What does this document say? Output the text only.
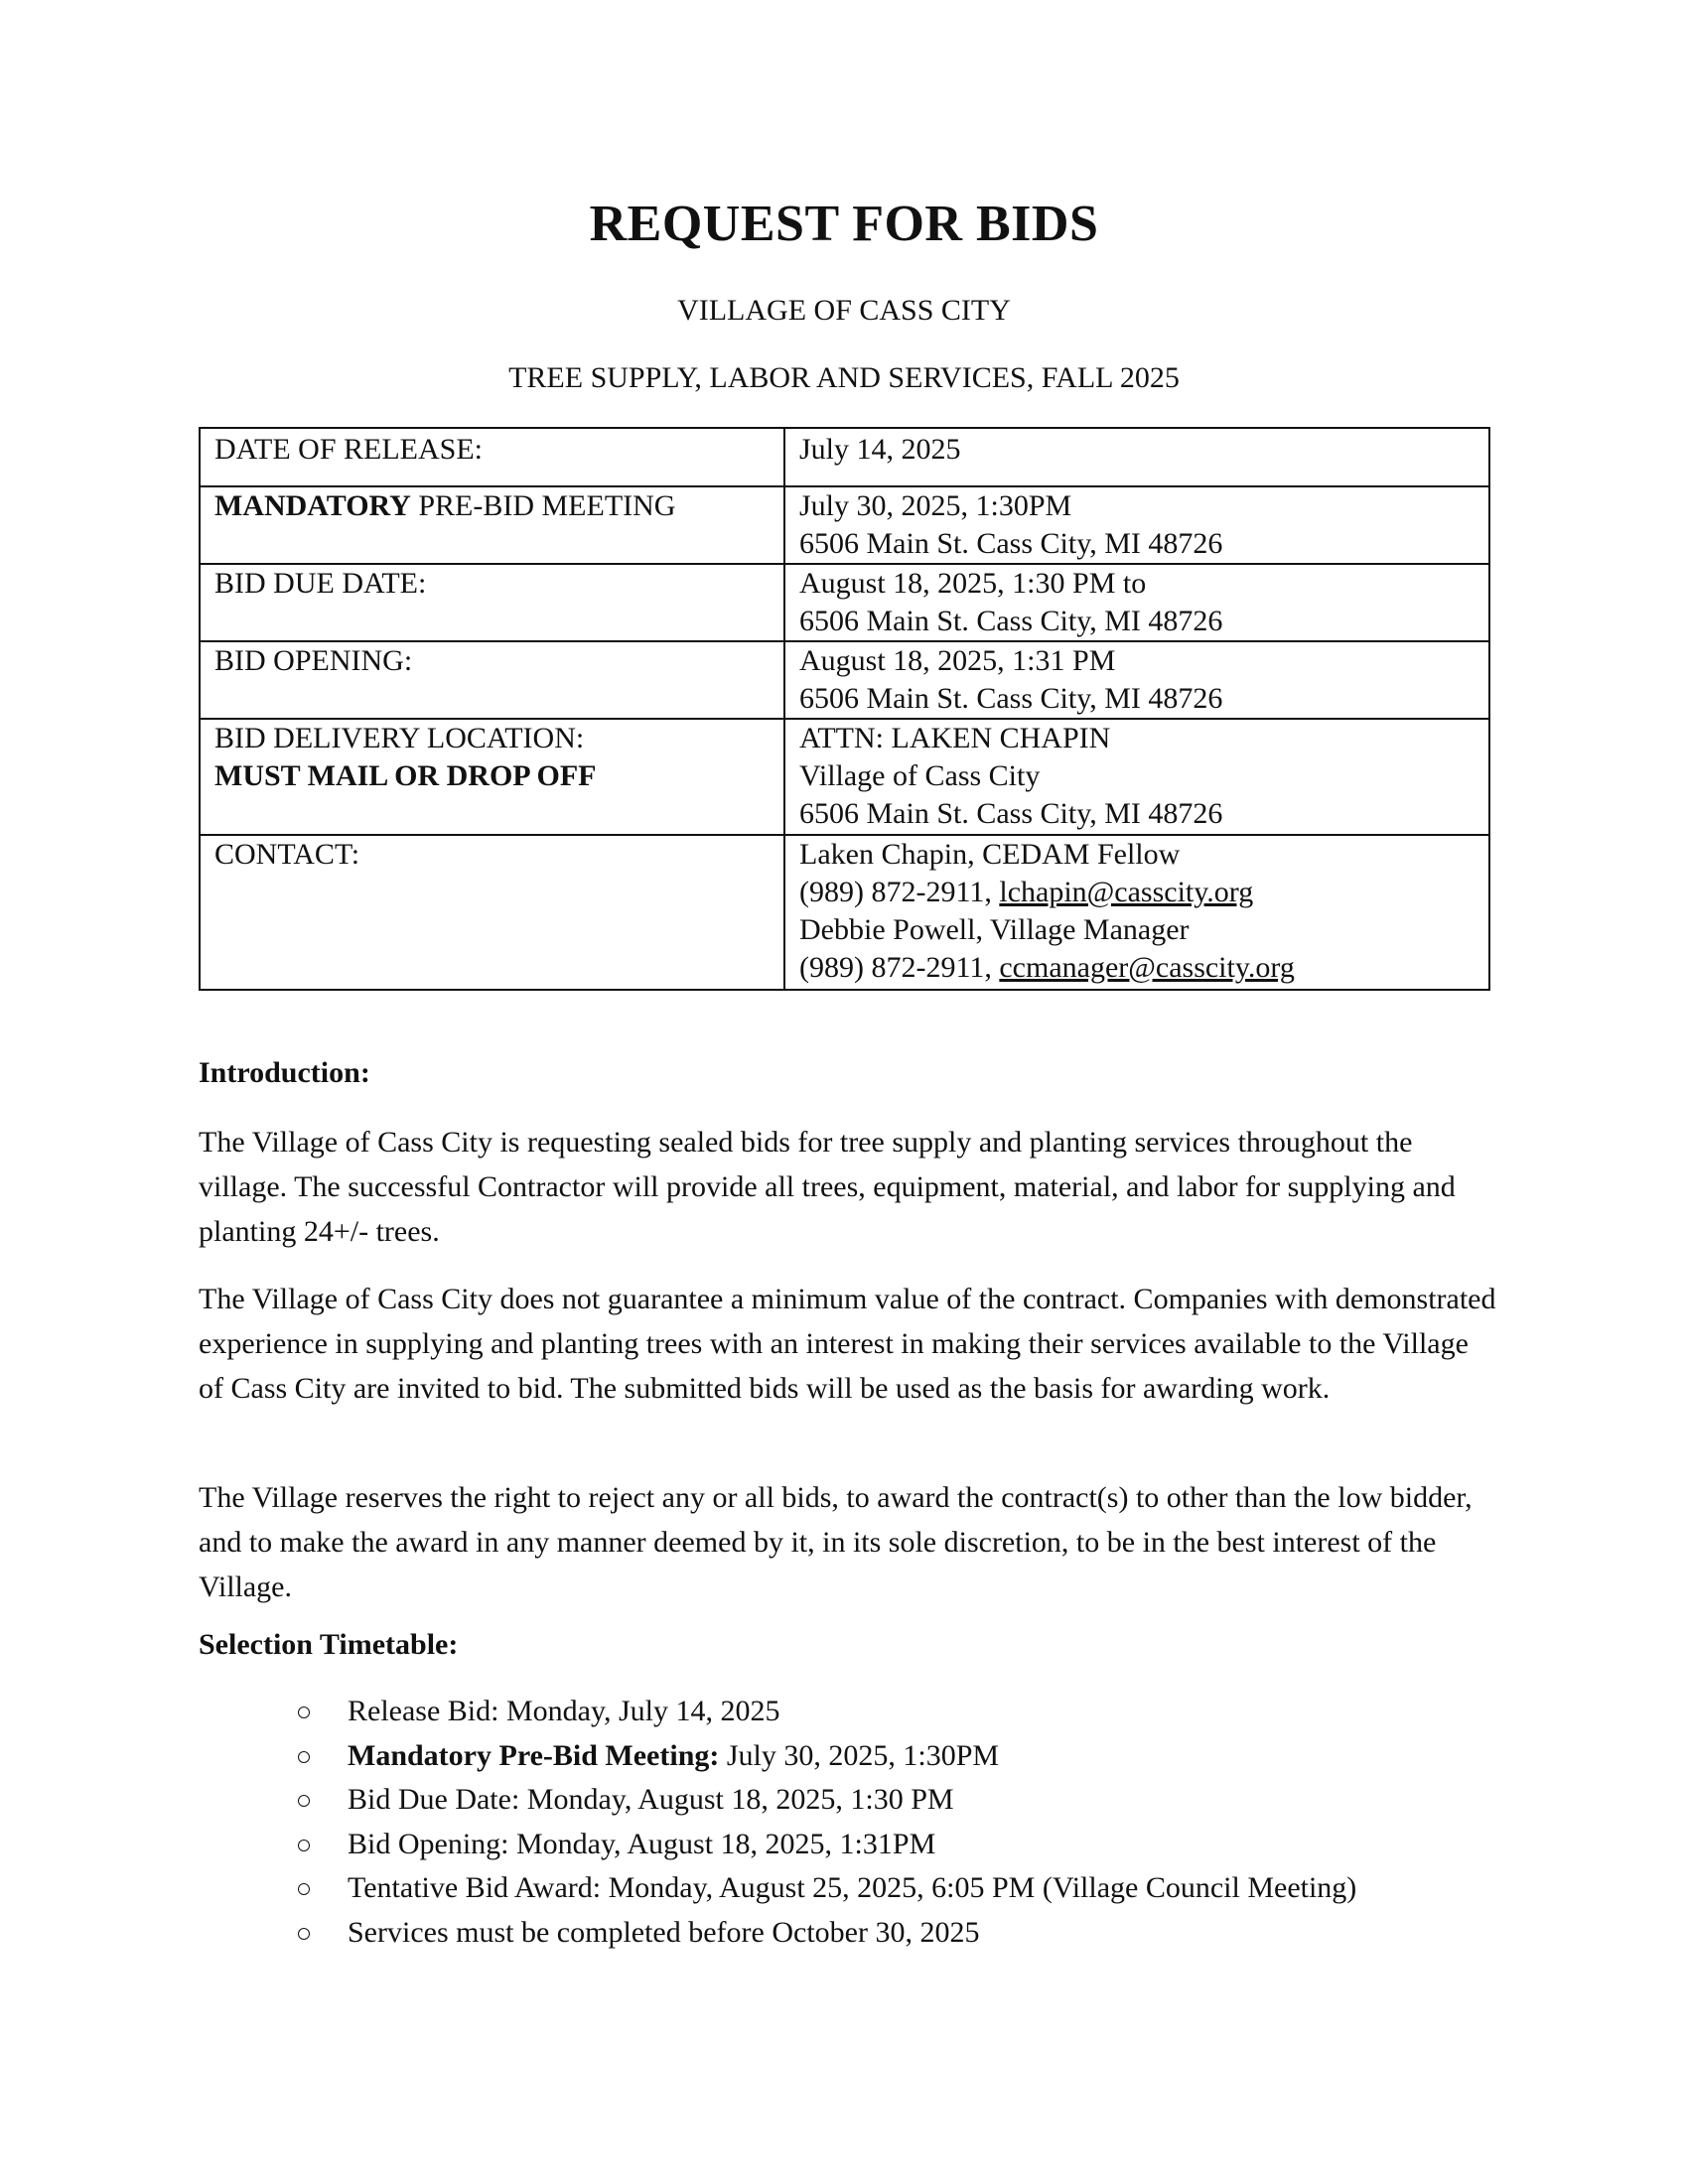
REQUEST FOR BIDS
VILLAGE OF CASS CITY
TREE SUPPLY, LABOR AND SERVICES, FALL 2025
DATE OF RELEASE:	July 14, 2025

MANDATORY PRE-BID MEETING	July 30, 2025, 1:30PM
6506 Main St. Cass City, MI 48726

BID DUE DATE:	August 18, 2025, 1:30 PM to
6506 Main St. Cass City, MI 48726

BID OPENING:	August 18, 2025, 1:31 PM
6506 Main St. Cass City, MI 48726

BID DELIVERY LOCATION:
MUST MAIL OR DROP OFF	ATTN: LAKEN CHAPIN
Village of Cass City
6506 Main St. Cass City, MI 48726

CONTACT:	Laken Chapin, CEDAM Fellow
(989) 872-2911, lchapin@casscity.org
Debbie Powell, Village Manager
(989) 872-2911, ccmanager@casscity.org
Introduction:
The Village of Cass City is requesting sealed bids for tree supply and planting services throughout the village. The successful Contractor will provide all trees, equipment, material, and labor for supplying and planting 24+/- trees.
The Village of Cass City does not guarantee a minimum value of the contract. Companies with demonstrated experience in supplying and planting trees with an interest in making their services available to the Village of Cass City are invited to bid. The submitted bids will be used as the basis for awarding work.
The Village reserves the right to reject any or all bids, to award the contract(s) to other than the low bidder, and to make the award in any manner deemed by it, in its sole discretion, to be in the best interest of the Village.
Selection Timetable:
Release Bid: Monday, July 14, 2025
Mandatory Pre-Bid Meeting: July 30, 2025, 1:30PM
Bid Due Date: Monday, August 18, 2025, 1:30 PM
Bid Opening: Monday, August 18, 2025, 1:31PM
Tentative Bid Award: Monday, August 25, 2025, 6:05 PM (Village Council Meeting)
Services must be completed before October 30, 2025
